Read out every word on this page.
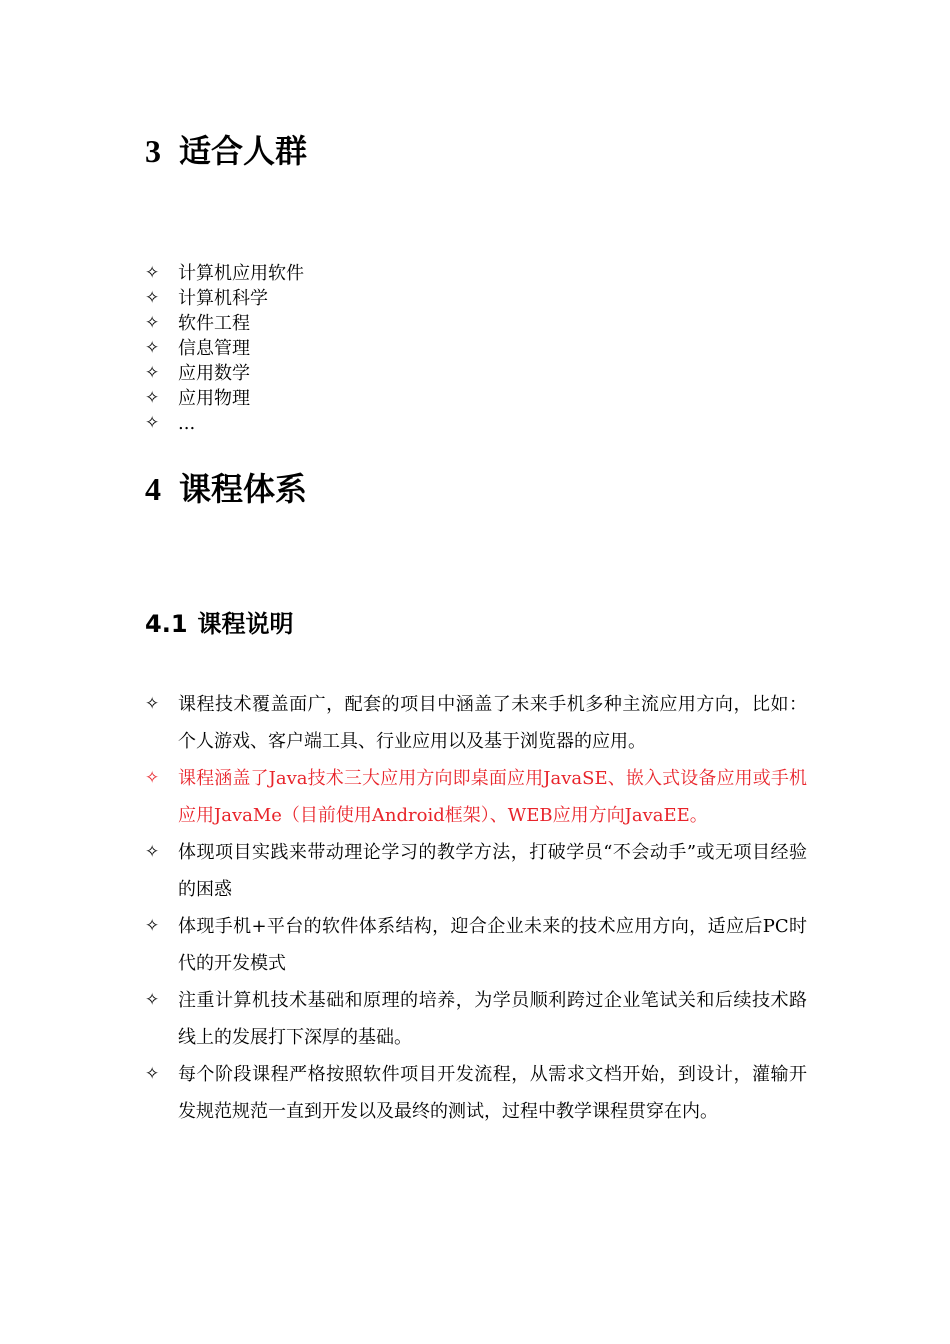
3 适合人群
✧	计算机应用软件
✧	计算机科学
✧	软件工程
✧	信息管理
✧	应用数学
✧	应用物理
✧	...
4 课程体系
4.1 课程说明
✧	课程技术覆盖面广，配套的项目中涵盖了未来手机多种主流应用方向，比如：个人游戏、客户端工具、行业应用以及基于浏览器的应用。
✧	课程涵盖了Java技术三大应用方向即桌面应用JavaSE、嵌入式设备应用或手机应用JavaMe（目前使用Android框架）、WEB应用方向JavaEE。
✧	体现项目实践来带动理论学习的教学方法，打破学员“不会动手”或无项目经验的困惑
✧	体现手机+平台的软件体系结构，迎合企业未来的技术应用方向，适应后PC时代的开发模式
✧	注重计算机技术基础和原理的培养，为学员顺利跨过企业笔试关和后续技术路线上的发展打下深厚的基础。
✧	每个阶段课程严格按照软件项目开发流程，从需求文档开始，到设计，灌输开发规范规范一直到开发以及最终的测试，过程中教学课程贯穿在内。
